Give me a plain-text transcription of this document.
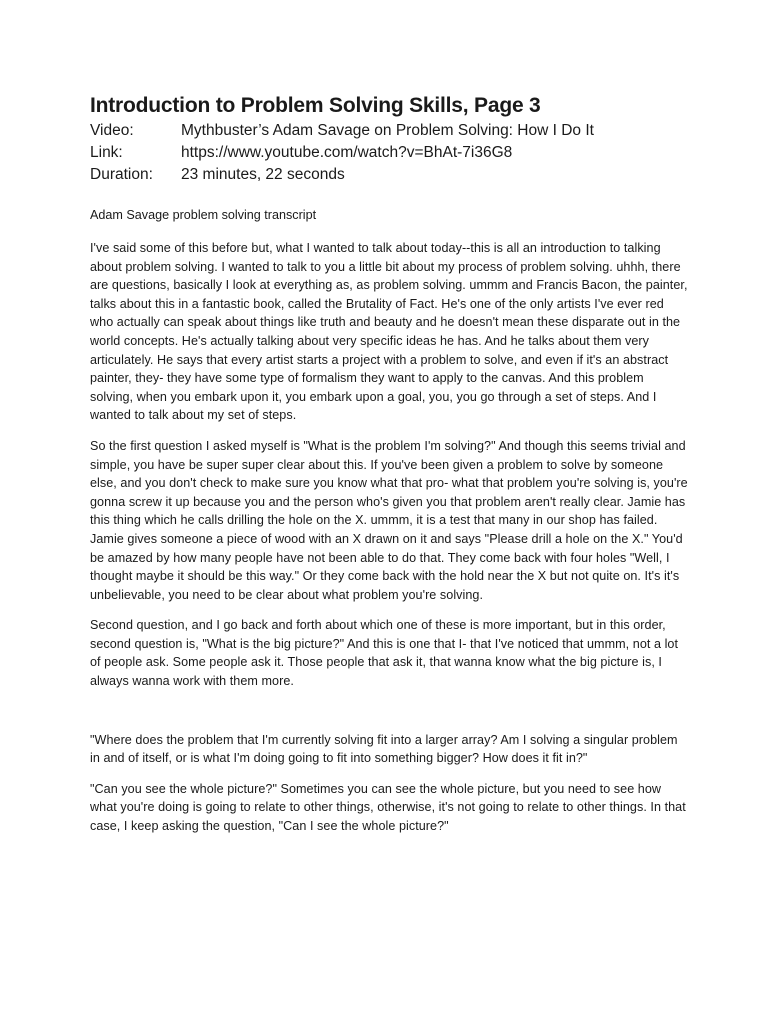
Introduction to Problem Solving Skills, Page 3
Video:	Mythbuster’s Adam Savage on Problem Solving: How I Do It
Link:	https://www.youtube.com/watch?v=BhAt-7i36G8
Duration:	23 minutes, 22 seconds
Adam Savage problem solving transcript

I've said some of this before but, what I wanted to talk about today--this is all an introduction to talking about problem solving. I wanted to talk to you a little bit about my process of problem solving. uhhh, there are questions, basically I look at everything as, as problem solving. ummm and Francis Bacon, the painter, talks about this in a fantastic book, called the Brutality of Fact. He's one of the only artists I've ever red who actually can speak about things like truth and beauty and he doesn't mean these disparate out in the world concepts. He's actually talking about very specific ideas he has. And he talks about them very articulately. He says that every artist starts a project with a problem to solve, and even if it's an abstract painter, they- they have some type of formalism they want to apply to the canvas. And this problem solving, when you embark upon it, you embark upon a goal, you, you go through a set of steps. And I wanted to talk about my set of steps.

So the first question I asked myself is "What is the problem I'm solving?" And though this seems trivial and simple, you have be super super clear about this. If you've been given a problem to solve by someone else, and you don't check to make sure you know what that pro- what that problem you're solving is, you're gonna screw it up because you and the person who's given you that problem aren't really clear. Jamie has this thing which he calls drilling the hole on the X. ummm, it is a test that many in our shop has failed. Jamie gives someone a piece of wood with an X drawn on it and says "Please drill a hole on the X." You'd be amazed by how many people have not been able to do that. They come back with four holes "Well, I thought maybe it should be this way." Or they come back with the hold near the X but not quite on. It's it's unbelievable, you need to be clear about what problem you're solving.

Second question, and I go back and forth about which one of these is more important, but in this order, second question is, "What is the big picture?" And this is one that I- that I've noticed that ummm, not a lot of people ask. Some people ask it. Those people that ask it, that wanna know what the big picture is, I always wanna work with them more.

"Where does the problem that I'm currently solving fit into a larger array? Am I solving a singular problem in and of itself, or is what I'm doing going to fit into something bigger? How does it fit in?"

"Can you see the whole picture?" Sometimes you can see the whole picture, but you need to see how what you're doing is going to relate to other things, otherwise, it's not going to relate to other things. In that case, I keep asking the question, "Can I see the whole picture?"
